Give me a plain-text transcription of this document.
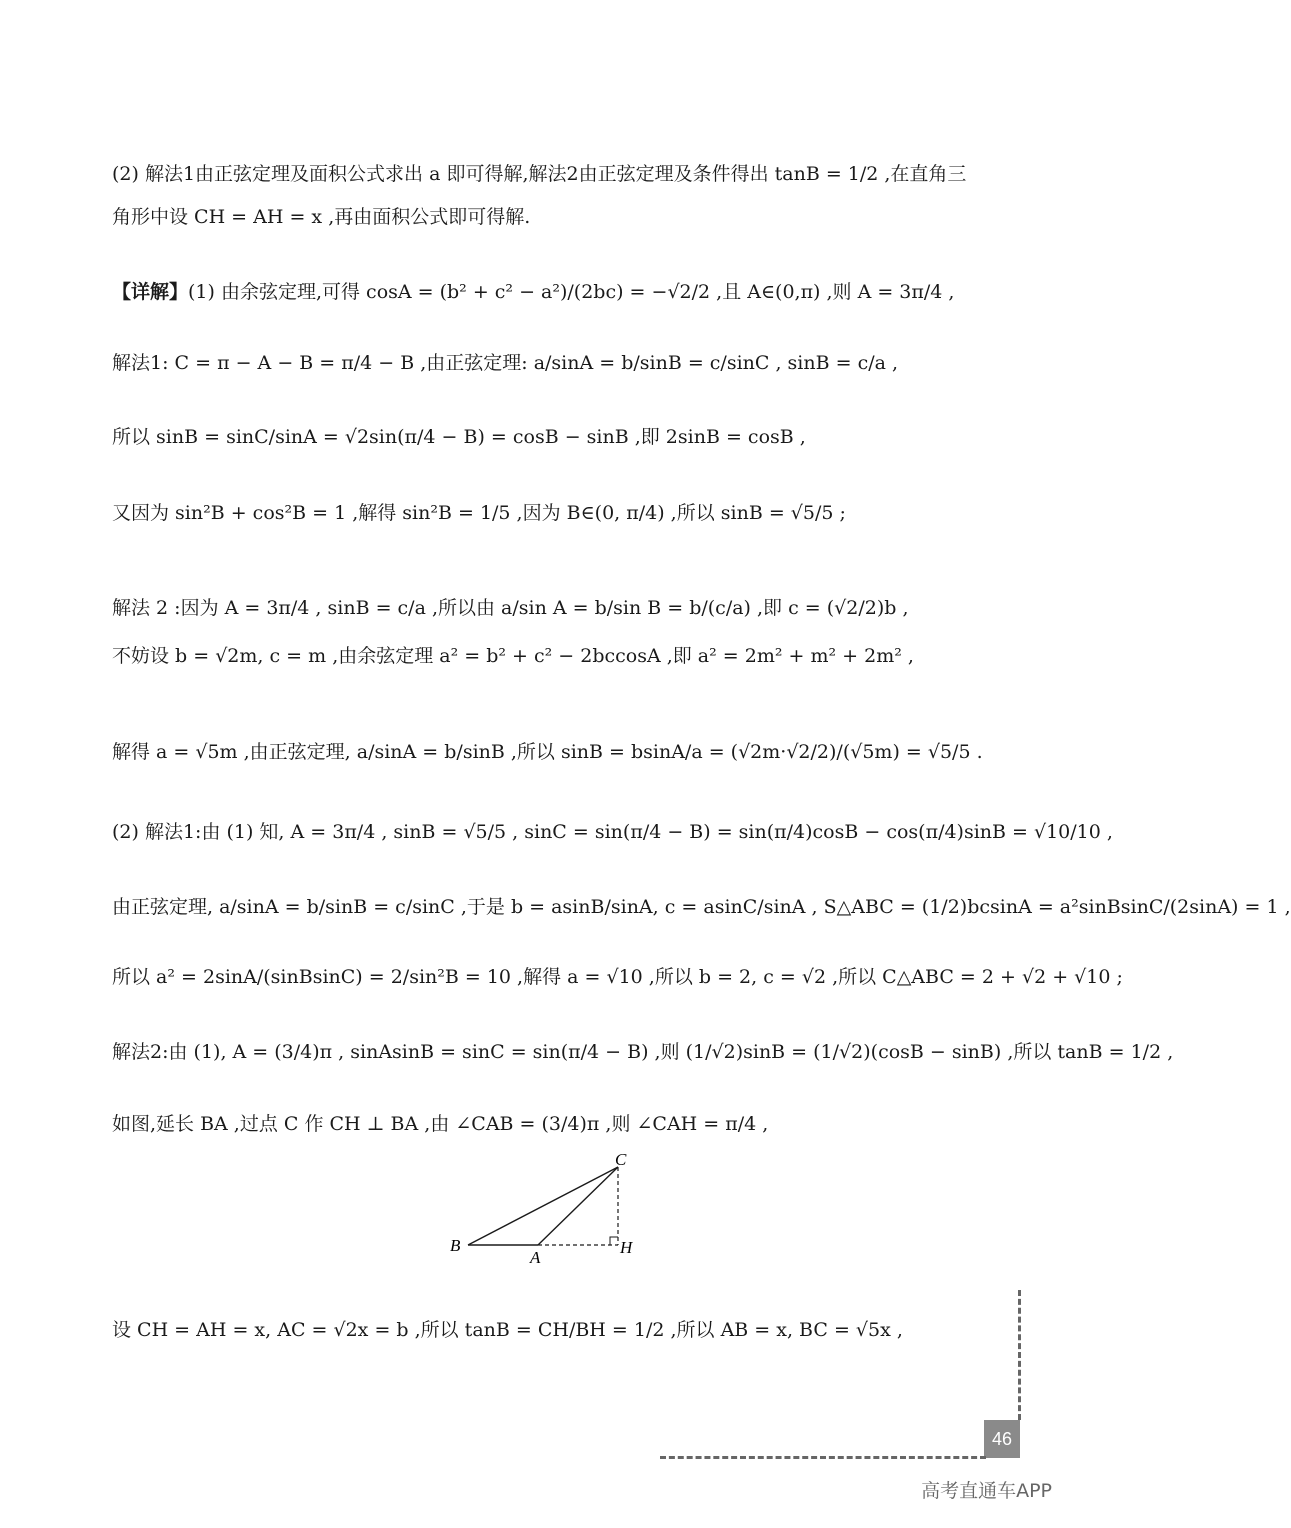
(2) 解法1由正弦定理及面积公式求出 a 即可得解,解法2由正弦定理及条件得出 tanB = 1/2 ,在直角三
角形中设 CH = AH = x ,再由面积公式即可得解.
【详解】(1) 由余弦定理,可得 cosA = (b² + c² − a²)/(2bc) = −√2/2 ,且 A∈(0,π) ,则 A = 3π/4 ,
解法1: C = π − A − B = π/4 − B ,由正弦定理: a/sinA = b/sinB = c/sinC , sinB = c/a ,
所以 sinB = sinC/sinA = √2sin(π/4 − B) = cosB − sinB ,即 2sinB = cosB ,
又因为 sin²B + cos²B = 1 ,解得 sin²B = 1/5 ,因为 B∈(0, π/4) ,所以 sinB = √5/5 ;
解法 2 :因为 A = 3π/4 , sinB = c/a ,所以由 a/sin A = b/sin B = b/(c/a) ,即 c = (√2/2)b ,
不妨设 b = √2m, c = m ,由余弦定理 a² = b² + c² − 2bccosA ,即 a² = 2m² + m² + 2m² ,
解得 a = √5m ,由正弦定理, a/sinA = b/sinB ,所以 sinB = bsinA/a = (√2m·√2/2)/(√5m) = √5/5 .
(2) 解法1:由 (1) 知, A = 3π/4 , sinB = √5/5 , sinC = sin(π/4 − B) = sin(π/4)cosB − cos(π/4)sinB = √10/10 ,
由正弦定理, a/sinA = b/sinB = c/sinC ,于是 b = asinB/sinA, c = asinC/sinA , S△ABC = (1/2)bcsinA = a²sinBsinC/(2sinA) = 1 ,
所以 a² = 2sinA/(sinBsinC) = 2/sin²B = 10 ,解得 a = √10 ,所以 b = 2, c = √2 ,所以 C△ABC = 2 + √2 + √10 ;
解法2:由 (1), A = (3/4)π , sinAsinB = sinC = sin(π/4 − B) ,则 (1/√2)sinB = (1/√2)(cosB − sinB) ,所以 tanB = 1/2 ,
如图,延长 BA ,过点 C 作 CH ⊥ BA ,由 ∠CAB = (3/4)π ,则 ∠CAH = π/4 ,
B
A
C
H
设 CH = AH = x, AC = √2x = b ,所以 tanB = CH/BH = 1/2 ,所以 AB = x, BC = √5x ,
46
高考直通车APP
